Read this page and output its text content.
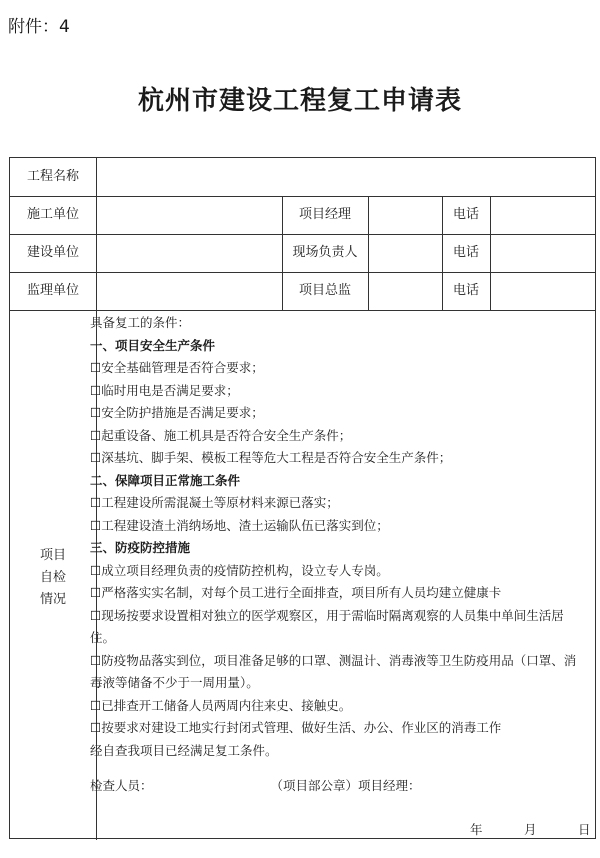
附件：4
杭州市建设工程复工申请表
工程名称
施工单位	项目经理	电话
建设单位	现场负责人	电话
监理单位	项目总监	电话
项目
自检
情况
具备复工的条件：
一、项目安全生产条件
☐安全基础管理是否符合要求；
☐临时用电是否满足要求；
☐安全防护措施是否满足要求；
☐起重设备、施工机具是否符合安全生产条件；
☐深基坑、脚手架、模板工程等危大工程是否符合安全生产条件；
二、保障项目正常施工条件
☐工程建设所需混凝土等原材料来源已落实；
☐工程建设渣土消纳场地、渣土运输队伍已落实到位；
三、防疫防控措施
☐成立项目经理负责的疫情防控机构，设立专人专岗。
☐严格落实实名制，对每个员工进行全面排查，项目所有人员均建立健康卡
☐现场按要求设置相对独立的医学观察区，用于需临时隔离观察的人员集中单间生活居住。
☐防疫物品落实到位，项目准备足够的口罩、测温计、消毒液等卫生防疫用品（口罩、消毒液等储备不少于一周用量）。
☐已排查开工储备人员两周内往来史、接触史。
☐按要求对建设工地实行封闭式管理、做好生活、办公、作业区的消毒工作
经自查我项目已经满足复工条件。
检查人员：	（项目部公章）项目经理：
年	月	日
